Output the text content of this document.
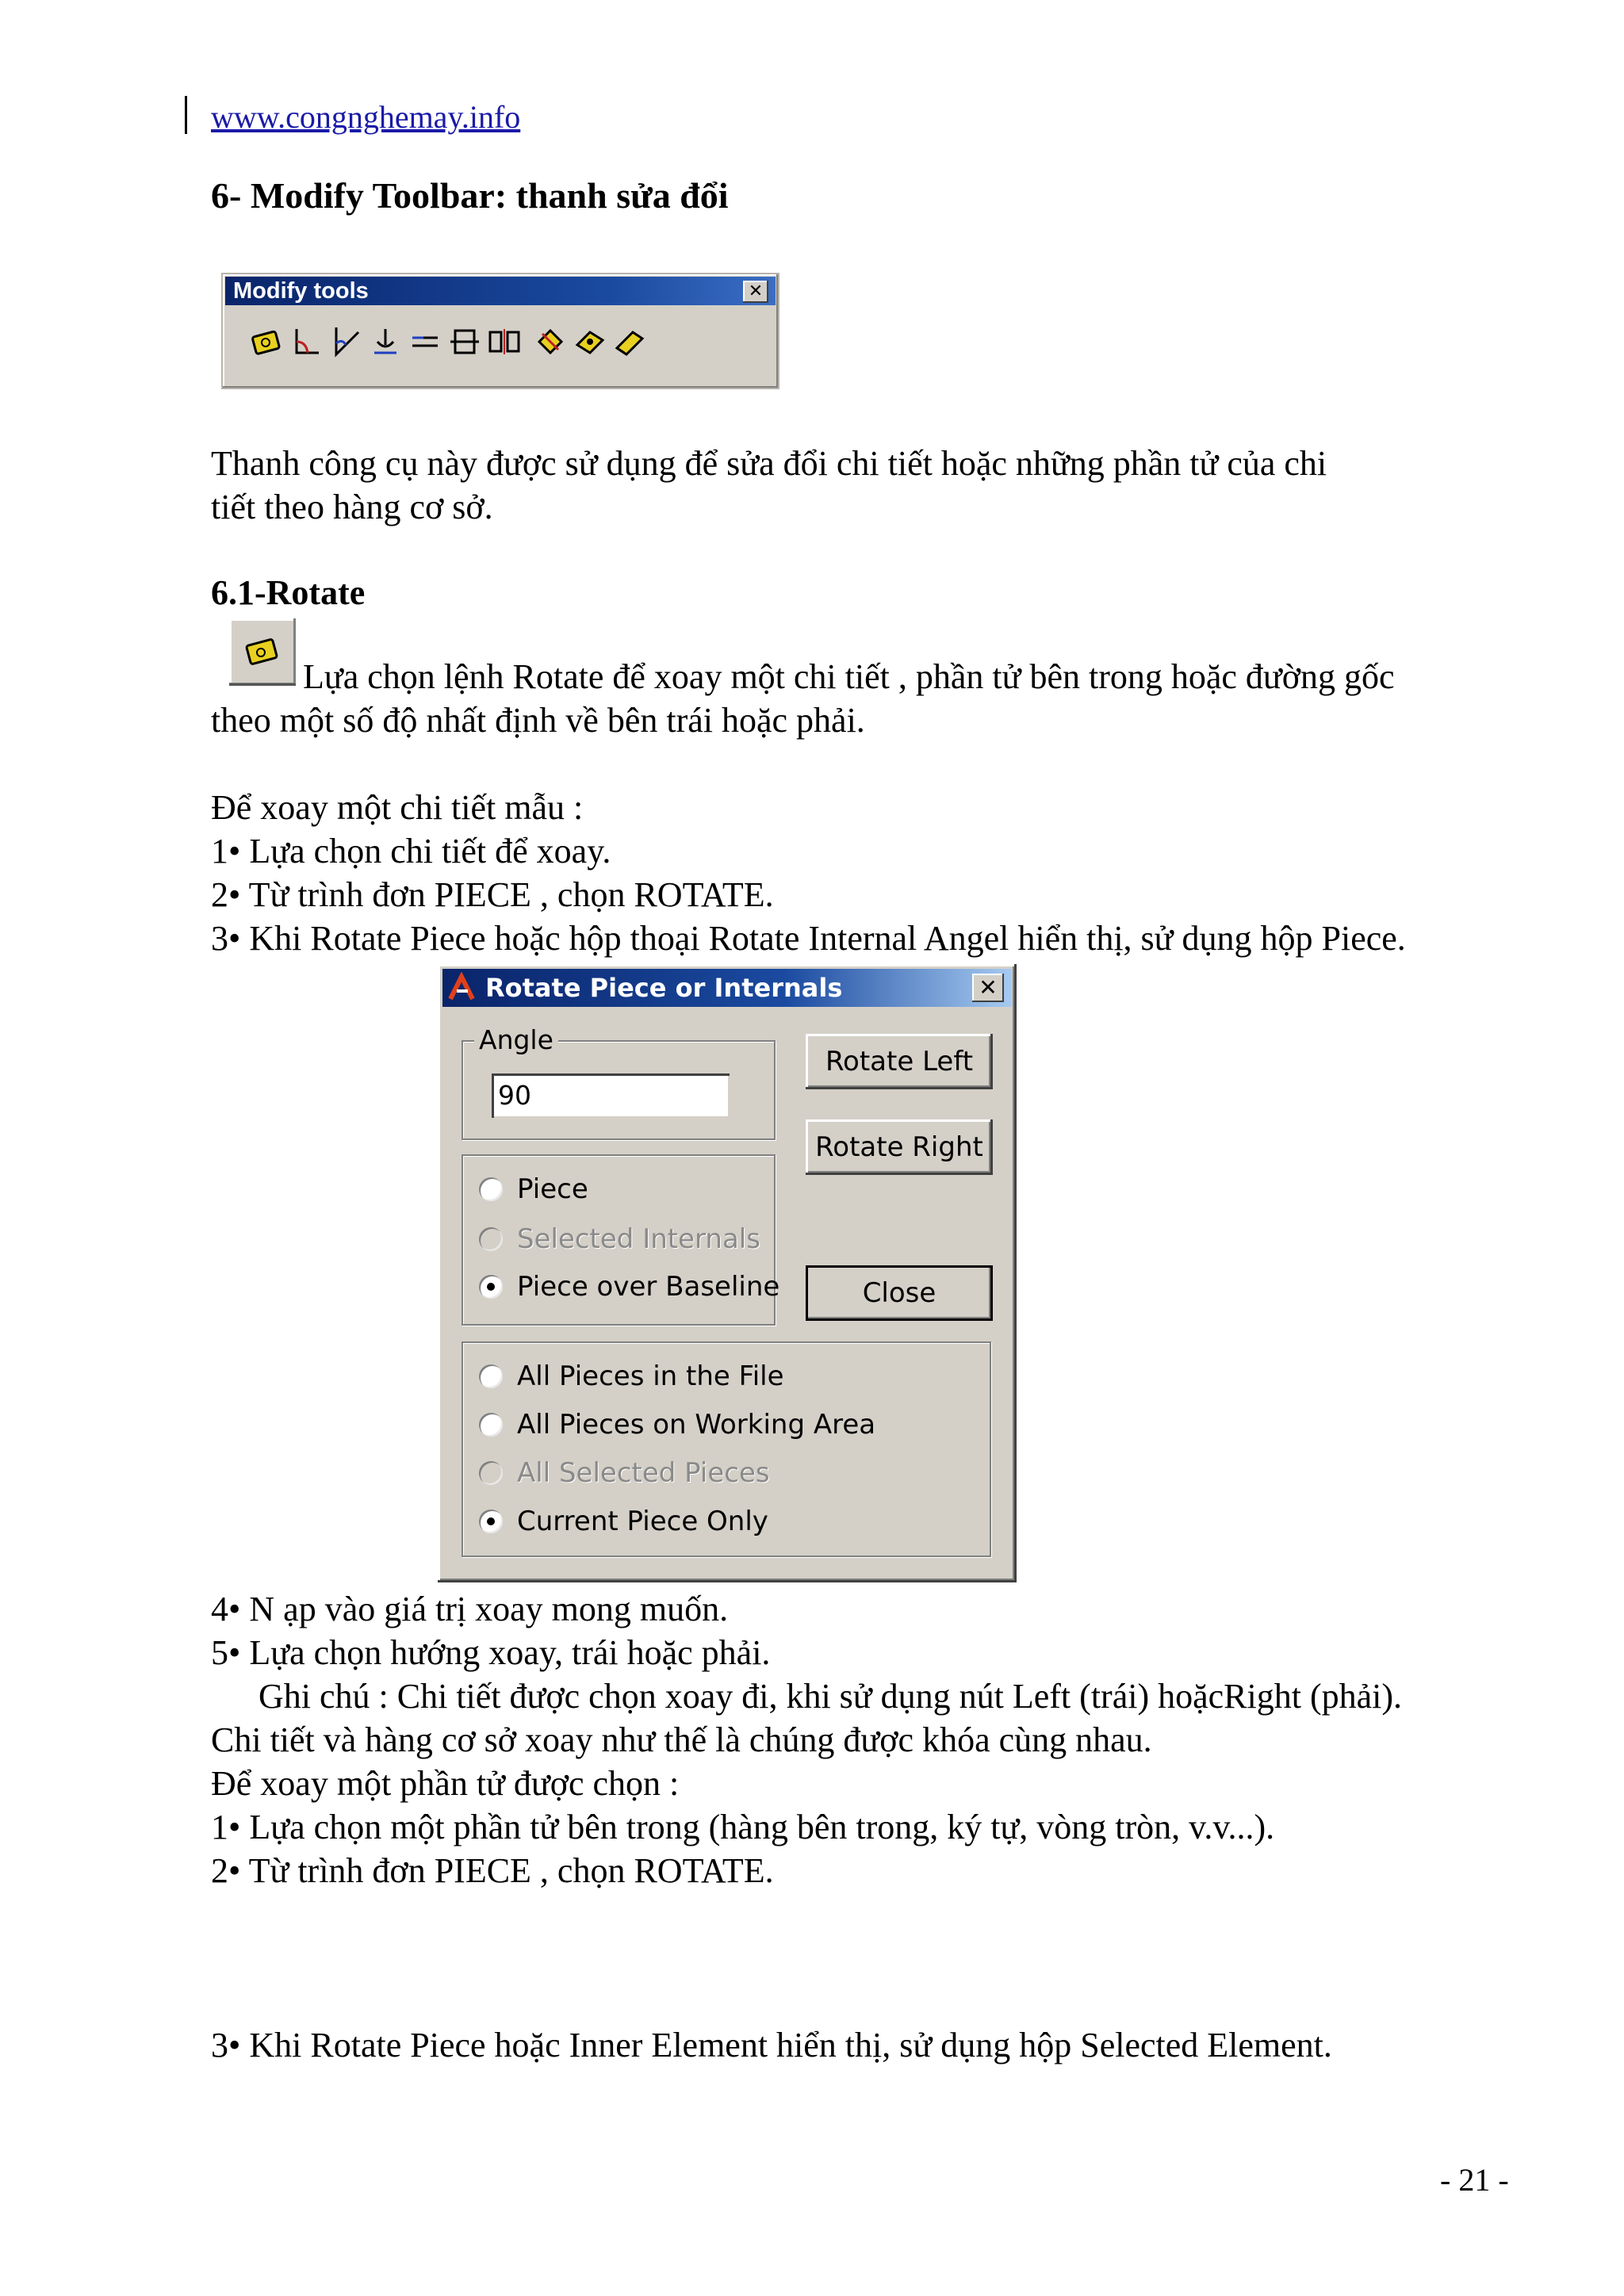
www.congnghemay.info
6- Modify Toolbar: thanh sửa đổi
Modify tools	✕
Thanh công cụ này được sử dụng để sửa đổi chi tiết hoặc những phần tử của chi
tiết theo hàng cơ sở.
6.1-Rotate
Lựa chọn lệnh Rotate để xoay một chi tiết , phần tử bên trong hoặc đường gốc
theo một số độ nhất định về bên trái hoặc phải.
Để xoay một chi tiết mẫu :
1• Lựa chọn chi tiết để xoay.
2• Từ trình đơn PIECE , chọn ROTATE.
3• Khi Rotate Piece hoặc hộp thoại Rotate Internal Angel hiển thị, sử dụng hộp Piece.
Rotate Piece or Internals	✕
Angle
90
Rotate Left
Rotate Right
Close
Piece
Selected Internals
Piece over Baseline
All Pieces in the File
All Pieces on Working Area
All Selected Pieces
Current Piece Only
4• N ạp vào giá trị xoay mong muốn.
5• Lựa chọn hướng xoay, trái hoặc phải.
Ghi chú : Chi tiết được chọn xoay đi, khi sử dụng nút Left (trái) hoặcRight (phải).
Chi tiết và hàng cơ sở xoay như thế là chúng được khóa cùng nhau.
Để xoay một phần tử được chọn :
1• Lựa chọn một phần tử bên trong (hàng bên trong, ký tự, vòng tròn, v.v...).
2• Từ trình đơn PIECE , chọn ROTATE.
3• Khi Rotate Piece hoặc Inner Element hiển thị, sử dụng hộp Selected Element.
- 21 -
